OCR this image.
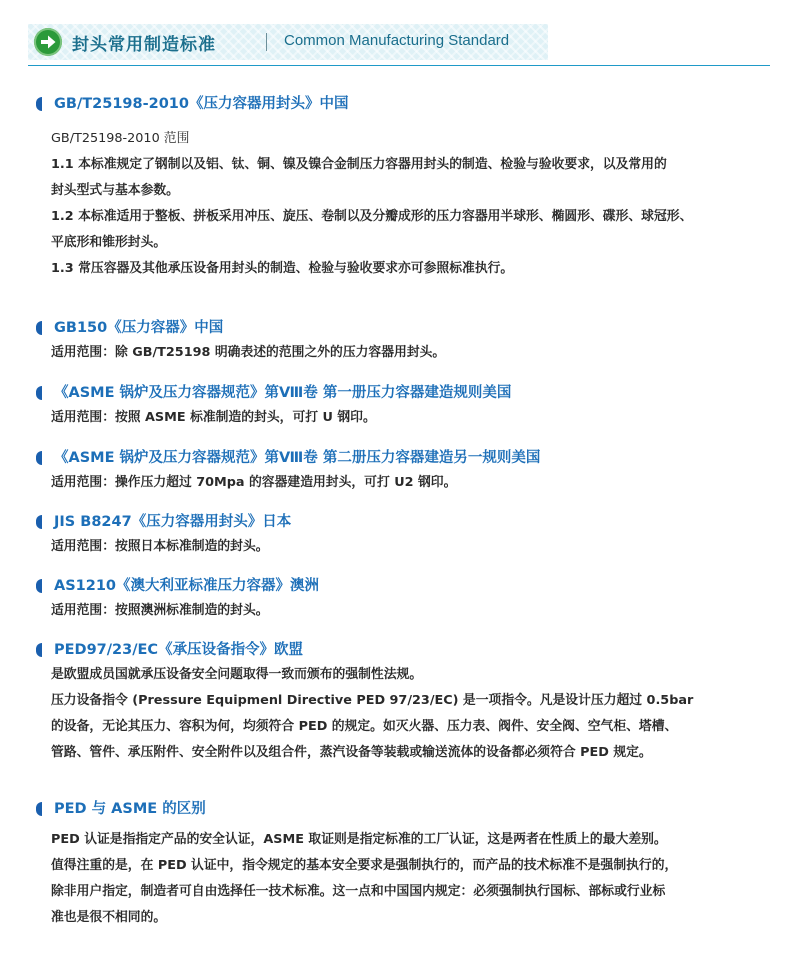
封头常用制造标准	Common Manufacturing Standard
GB/T25198-2010《压力容器用封头》中国
GB/T25198-2010 范围
1.1 本标准规定了钢制以及铝、钛、铜、镍及镍合金制压力容器用封头的制造、检验与验收要求，以及常用的
封头型式与基本参数。
1.2 本标准适用于整板、拼板采用冲压、旋压、卷制以及分瓣成形的压力容器用半球形、椭圆形、碟形、球冠形、
平底形和锥形封头。
1.3 常压容器及其他承压设备用封头的制造、检验与验收要求亦可参照标准执行。
GB150《压力容器》中国
适用范围：除 GB/T25198 明确表述的范围之外的压力容器用封头。
《ASME 锅炉及压力容器规范》第Ⅷ卷 第一册压力容器建造规则美国
适用范围：按照 ASME 标准制造的封头，可打 U 钢印。
《ASME 锅炉及压力容器规范》第Ⅷ卷 第二册压力容器建造另一规则美国
适用范围：操作压力超过 70Mpa 的容器建造用封头，可打 U2 钢印。
JIS B8247《压力容器用封头》日本
适用范围：按照日本标准制造的封头。
AS1210《澳大利亚标准压力容器》澳洲
适用范围：按照澳洲标准制造的封头。
PED97/23/EC《承压设备指令》欧盟
是欧盟成员国就承压设备安全问题取得一致而颁布的强制性法规。
压力设备指令 (Pressure Equipmenl Directive PED 97/23/EC) 是一项指令。凡是设计压力超过 0.5bar
的设备，无论其压力、容积为何，均须符合 PED 的规定。如灭火器、压力表、阀件、安全阀、空气柜、塔槽、
管路、管件、承压附件、安全附件以及组合件，蒸汽设备等装载或输送流体的设备都必须符合 PED 规定。
PED 与 ASME 的区别
PED 认证是指指定产品的安全认证，ASME 取证则是指定标准的工厂认证，这是两者在性质上的最大差别。
值得注重的是，在 PED 认证中，指令规定的基本安全要求是强制执行的，而产品的技术标准不是强制执行的，
除非用户指定，制造者可自由选择任一技术标准。这一点和中国国内规定：必须强制执行国标、部标或行业标
准也是很不相同的。
